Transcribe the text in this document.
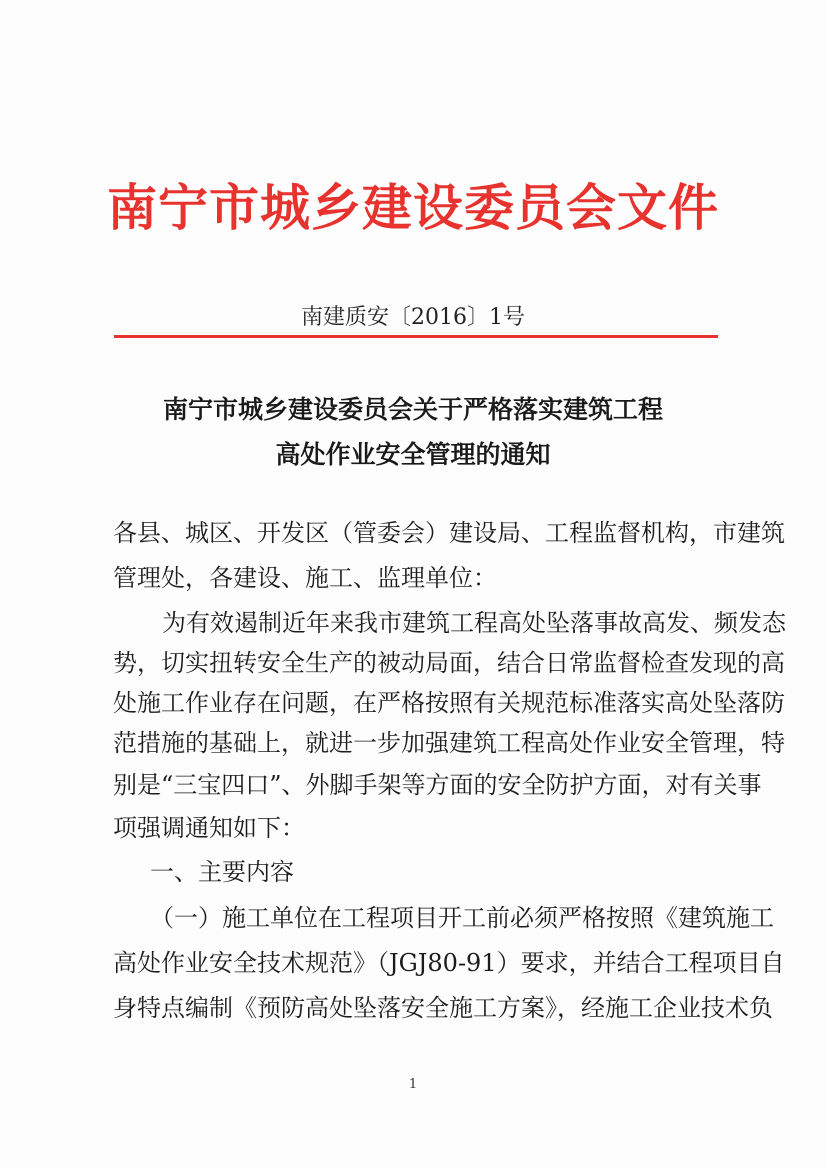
南宁市城乡建设委员会文件
南建质安〔2016〕1号
南宁市城乡建设委员会关于严格落实建筑工程
高处作业安全管理的通知
各县、城区、开发区（管委会）建设局、工程监督机构，市建筑
管理处，各建设、施工、监理单位：
为有效遏制近年来我市建筑工程高处坠落事故高发、频发态
势，切实扭转安全生产的被动局面，结合日常监督检查发现的高
处施工作业存在问题，在严格按照有关规范标准落实高处坠落防
范措施的基础上，就进一步加强建筑工程高处作业安全管理，特
别是“三宝四口”、外脚手架等方面的安全防护方面，对有关事
项强调通知如下：
一、主要内容
（一）施工单位在工程项目开工前必须严格按照《建筑施工
高处作业安全技术规范》（JGJ80-91）要求，并结合工程项目自
身特点编制《预防高处坠落安全施工方案》，经施工企业技术负
1
